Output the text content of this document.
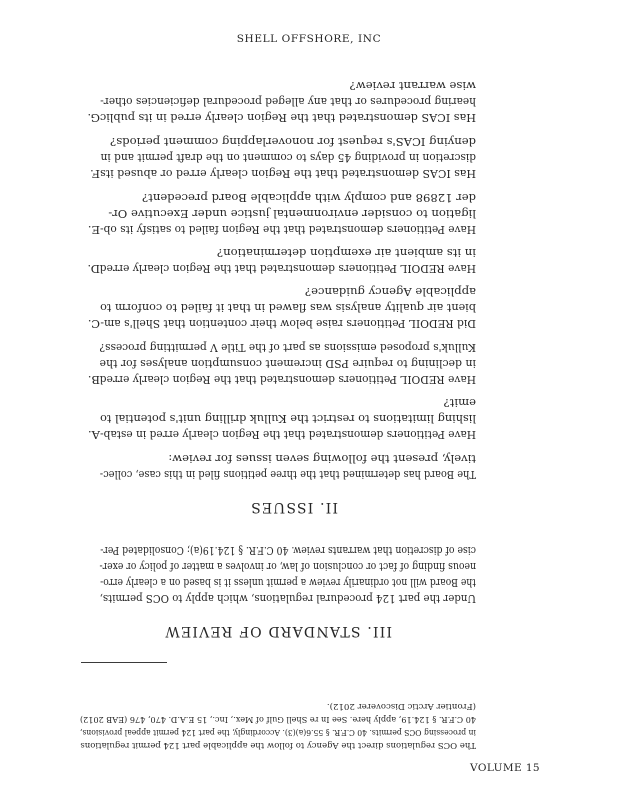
SHELL OFFSHORE, INC
III. STANDARD OF REVIEW
Under the part 124 procedural regulations, which apply to OCS permits,
the Board will not ordinarily review a permit unless it is based on a clearly erro-
neous finding of fact or conclusion of law, or involves a matter of policy or exer-
cise of discretion that warrants review. 40 C.F.R. § 124.19(a); Consolidated Per-
II. ISSUES
The Board has determined that the three petitions filed in this case, collec-
tively, present the following seven issues for review:
A. Have Petitioners demonstrated that the Region clearly erred in estab-
lishing limitations to restrict the Kulluk drilling unit's potential to
emit?
B. Have REDOIL Petitioners demonstrated that the Region clearly erred
in declining to require PSD increment consumption analyses for the
Kulluk's proposed emissions as part of the Title V permitting process?
C. Did REDOIL Petitioners raise below their contention that Shell's am-
bient air quality analysis was flawed in that it failed to conform to
applicable Agency guidance?
D. Have REDOIL Petitioners demonstrated that the Region clearly erred
in its ambient air exemption determination?
E. Have Petitioners demonstrated that the Region failed to satisfy its ob-
ligation to consider environmental justice under Executive Or-
der 12898 and comply with applicable Board precedent?
F. Has ICAS demonstrated that the Region clearly erred or abused its
discretion in providing 45 days to comment on the draft permit and in
denying ICAS's request for nonoverlapping comment periods?
G. Has ICAS demonstrated that the Region clearly erred in its public
hearing procedures or that any alleged procedural deficiencies other-
wise warrant review?
The OCS regulations direct the Agency to follow the applicable part 124 permit regulations
in processing OCS permits. 40 C.F.R. § 55.6(a)(3). Accordingly, the part 124 permit appeal provisions,
40 C.F.R. § 124.19, apply here. See In re Shell Gulf of Mex., Inc., 15 E.A.D. 470, 476 (EAB 2012)
(Frontier Arctic Discoverer 2012).
VOLUME 15
